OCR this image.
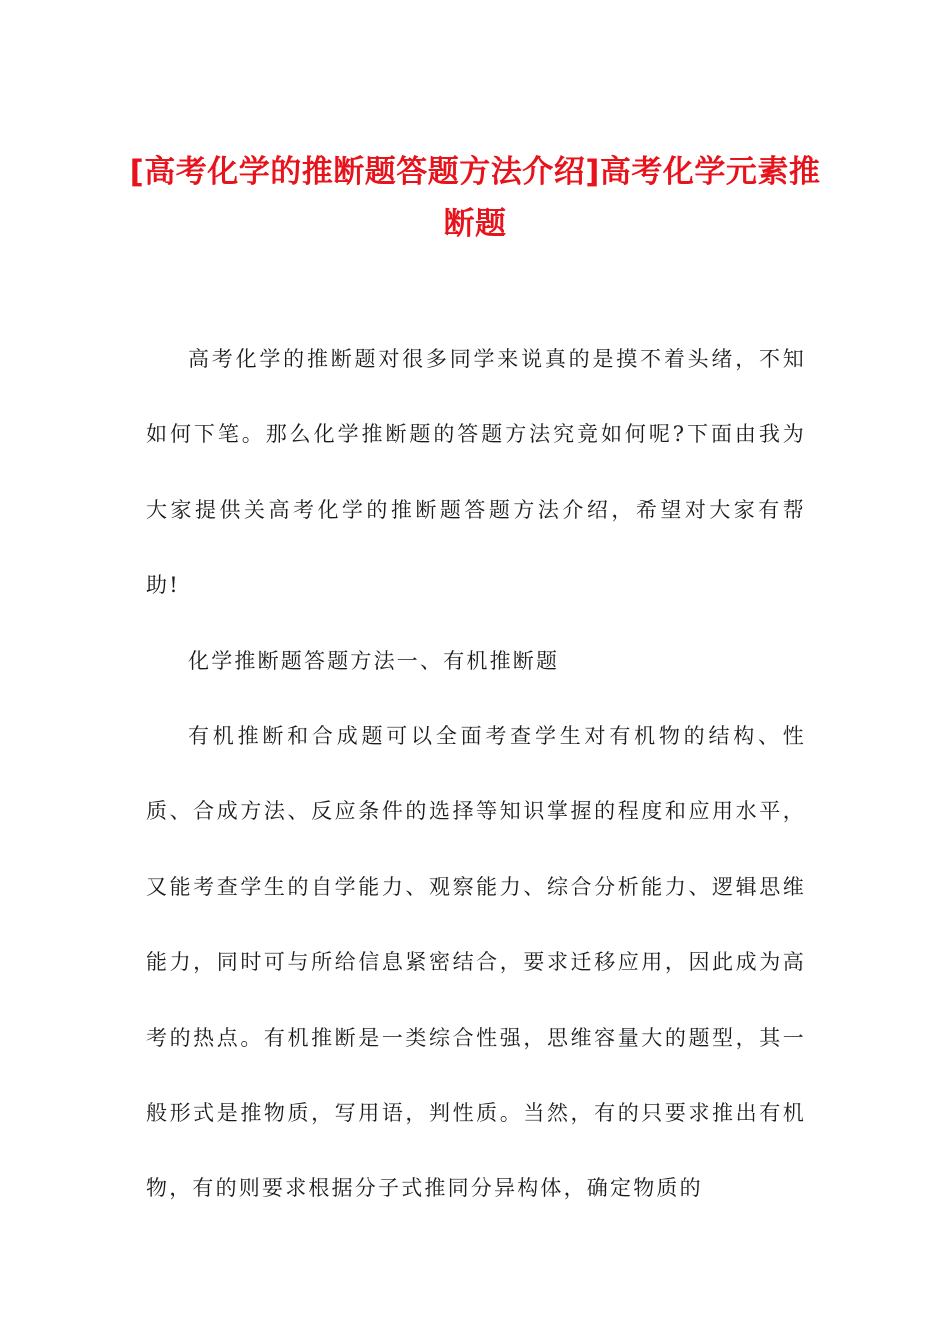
[高考化学的推断题答题方法介绍]高考化学元素推断题

高考化学的推断题对很多同学来说真的是摸不着头绪，不知如何下笔。那么化学推断题的答题方法究竟如何呢?下面由我为大家提供关高考化学的推断题答题方法介绍，希望对大家有帮助!

化学推断题答题方法一、有机推断题

有机推断和合成题可以全面考查学生对有机物的结构、性质、合成方法、反应条件的选择等知识掌握的程度和应用水平，又能考查学生的自学能力、观察能力、综合分析能力、逻辑思维能力，同时可与所给信息紧密结合，要求迁移应用，因此成为高考的热点。有机推断是一类综合性强，思维容量大的题型，其一般形式是推物质，写用语，判性质。当然，有的只要求推出有机物，有的则要求根据分子式推同分异构体，确定物质的
